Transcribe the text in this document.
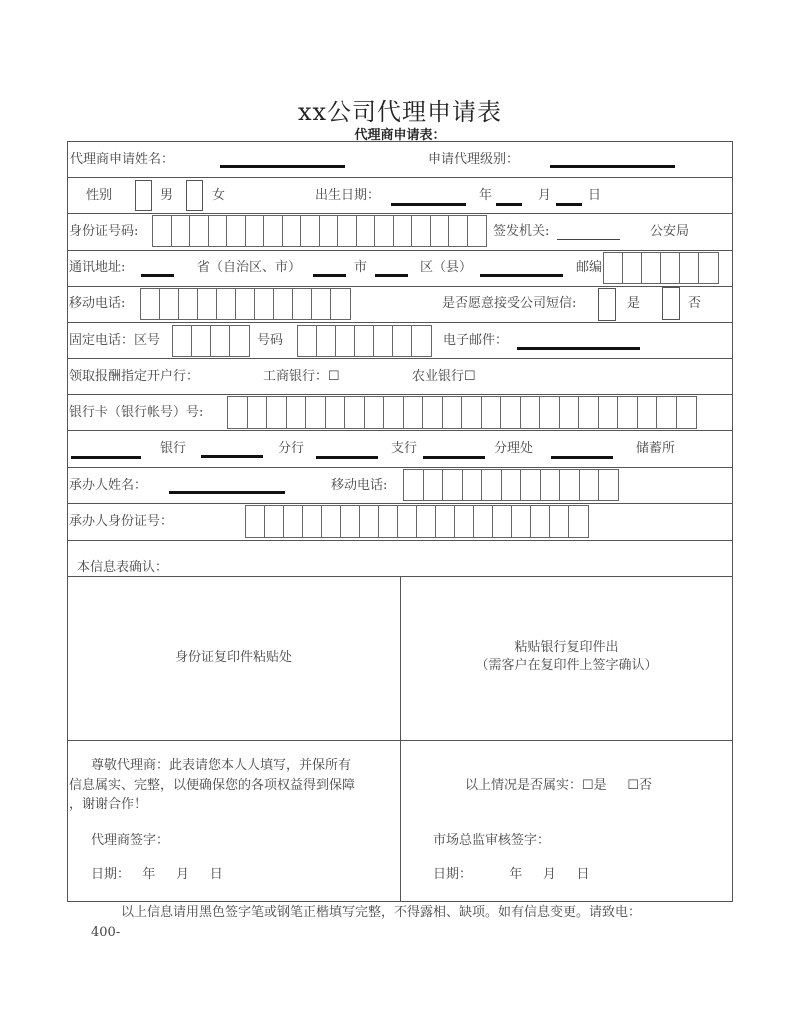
xx公司代理申请表
代理商申请表：
代理商申请姓名：	申请代理级别：
性别	男	女	出生日期：	年	月	日
身份证号码:	签发机关:	公安局
通讯地址:	省（自治区、市）	市	区（县）	邮编
移动电话:	是否愿意接受公司短信:	是	否
固定电话：区号	号码	电子邮件：
领取报酬指定开户行：	工商银行：☐	农业银行☐
银行卡（银行帐号）号:
银行	分行	支行	分理处	储蓄所
承办人姓名：	移动电话:
承办人身份证号：
本信息表确认：
身份证复印件粘贴处
粘贴银行复印件出
（需客户在复印件上签字确认）
尊敬代理商：此表请您本人人填写，并保所有
信息属实、完整，以便确保您的各项权益得到保障
，谢谢合作！
代理商签字：
日期：   年     月     日
以上情况是否属实：☐是     ☐否
市场总监审核签字：
日期：         年     月     日
以上信息请用黑色签字笔或钢笔正楷填写完整，不得露相、缺项。如有信息变更。请致电：
400-
